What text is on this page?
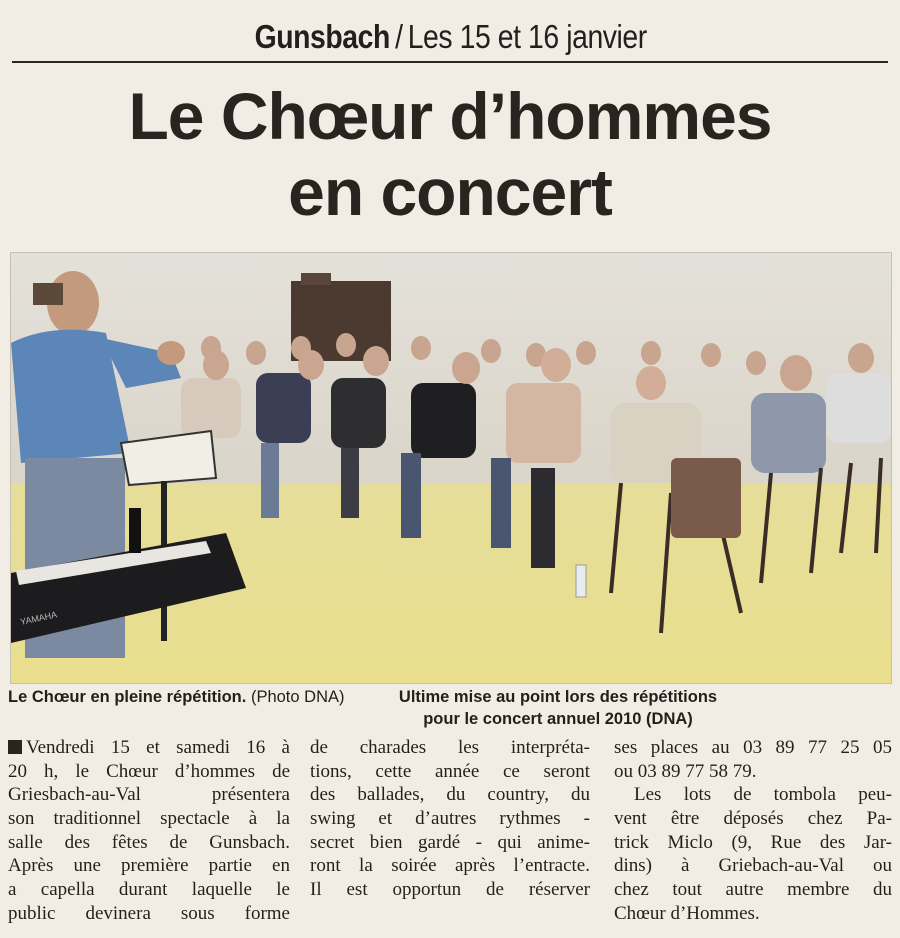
Gunsbach / Les 15 et 16 janvier
Le Chœur d’hommes
en concert
YAMAHA
Le Chœur en pleine répétition. (Photo DNA)	Ultime mise au point lors des répétitions
pour le concert annuel 2010 (DNA)
Vendredi 15 et samedi 16 à
20 h, le Chœur d’hommes de
Griesbach-au-Val présentera
son traditionnel spectacle à la
salle des fêtes de Gunsbach.
Après une première partie en
a capella durant laquelle le
public devinera sous forme
de charades les interpréta-
tions, cette année ce seront
des ballades, du country, du
swing et d’autres rythmes -
secret bien gardé - qui anime-
ront la soirée après l’entracte.
Il est opportun de réserver
ses places au 03 89 77 25 05
ou 03 89 77 58 79.
Les lots de tombola peu-
vent être déposés chez Pa-
trick Miclo (9, Rue des Jar-
dins) à Griebach-au-Val ou
chez tout autre membre du
Chœur d’Hommes.
